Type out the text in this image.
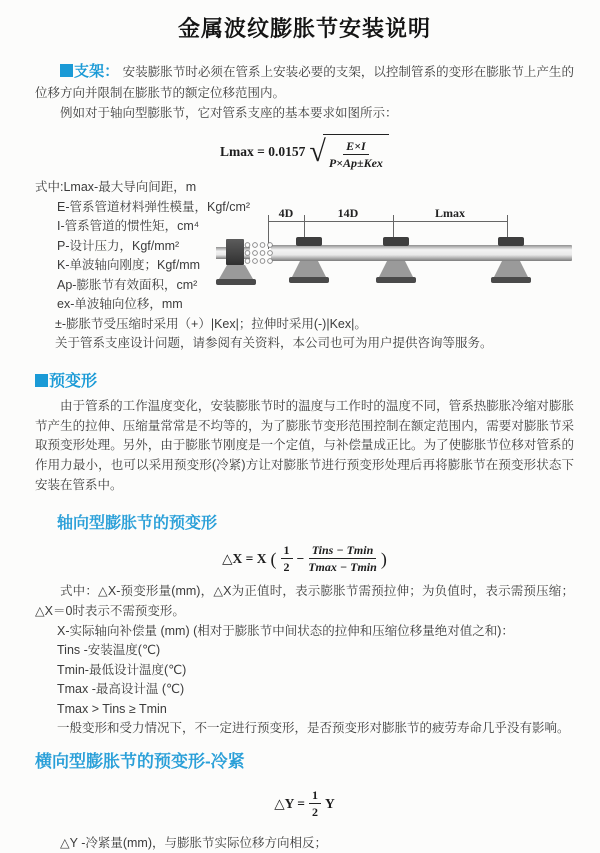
金属波纹膨胀节安装说明

支架： 安装膨胀节时必须在管系上安装必要的支架，以控制管系的变形在膨胀节上产生的位移方向并限制在膨胀节的额定位移范围内。

例如对于轴向型膨胀节，它对管系支座的基本要求如图所示：

Lmax = 0.0157 √ $\frac{E\times I}{\text{P×Ap±Kex}}$

式中:Lmax-最大导向间距，m

E-管系管道材料弹性模量，Kgf/cm²

I-管系管道的惯性矩，cm⁴

P-设计压力，Kgf/mm²

K-单波轴向刚度；Kgf/mm

Ap-膨胀节有效面积，cm²

ex-单波轴向位移，mm

±-膨胀节受压缩时采用（+）|Kex|；拉伸时采用(-)|Kex|。

关于管系支座设计问题，请参阅有关资料，本公司也可为用户提供咨询等服务。

4D	14D	Lmax
预变形

由于管系的工作温度变化，安装膨胀节时的温度与工作时的温度不同，管系热膨胀冷缩对膨胀节产生的拉伸、压缩量常常是不均等的，为了膨胀节变形范围控制在额定范围内，需要对膨胀节采取预变形处理。另外，由于膨胀节刚度是一个定值，与补偿量成正比。为了使膨胀节位移对管系的作用力最小，也可以采用预变形(冷紧)方让对膨胀节进行预变形处理后再将膨胀节在预变形状态下安装在管系中。

轴向型膨胀节的预变形
△X = X ( $\frac{1}{2} - \frac{\text{Tins − Tmin}}{Tmax - Tmin}$ )

式中：△X-预变形量(mm)，△X为正值时，表示膨胀节需预拉伸；为负值时，表示需预压缩；△X＝0时表示不需预变形。

X-实际轴向补偿量 (mm) (相对于膨胀节中间状态的拉伸和压缩位移量绝对值之和)：

Tins -安装温度(℃)

Tmin-最低设计温度(℃)

Tmax -最高设计温 (℃)

Tmax > Tins ≥ Tmin

一般变形和受力情况下，不一定进行预变形，是否预变形对膨胀节的疲劳寿命几乎没有影响。

横向型膨胀节的预变形-冷紧
△Y = $\frac{1}{2}$ Y

△Y -冷紧量(mm)，与膨胀节实际位移方向相反；
